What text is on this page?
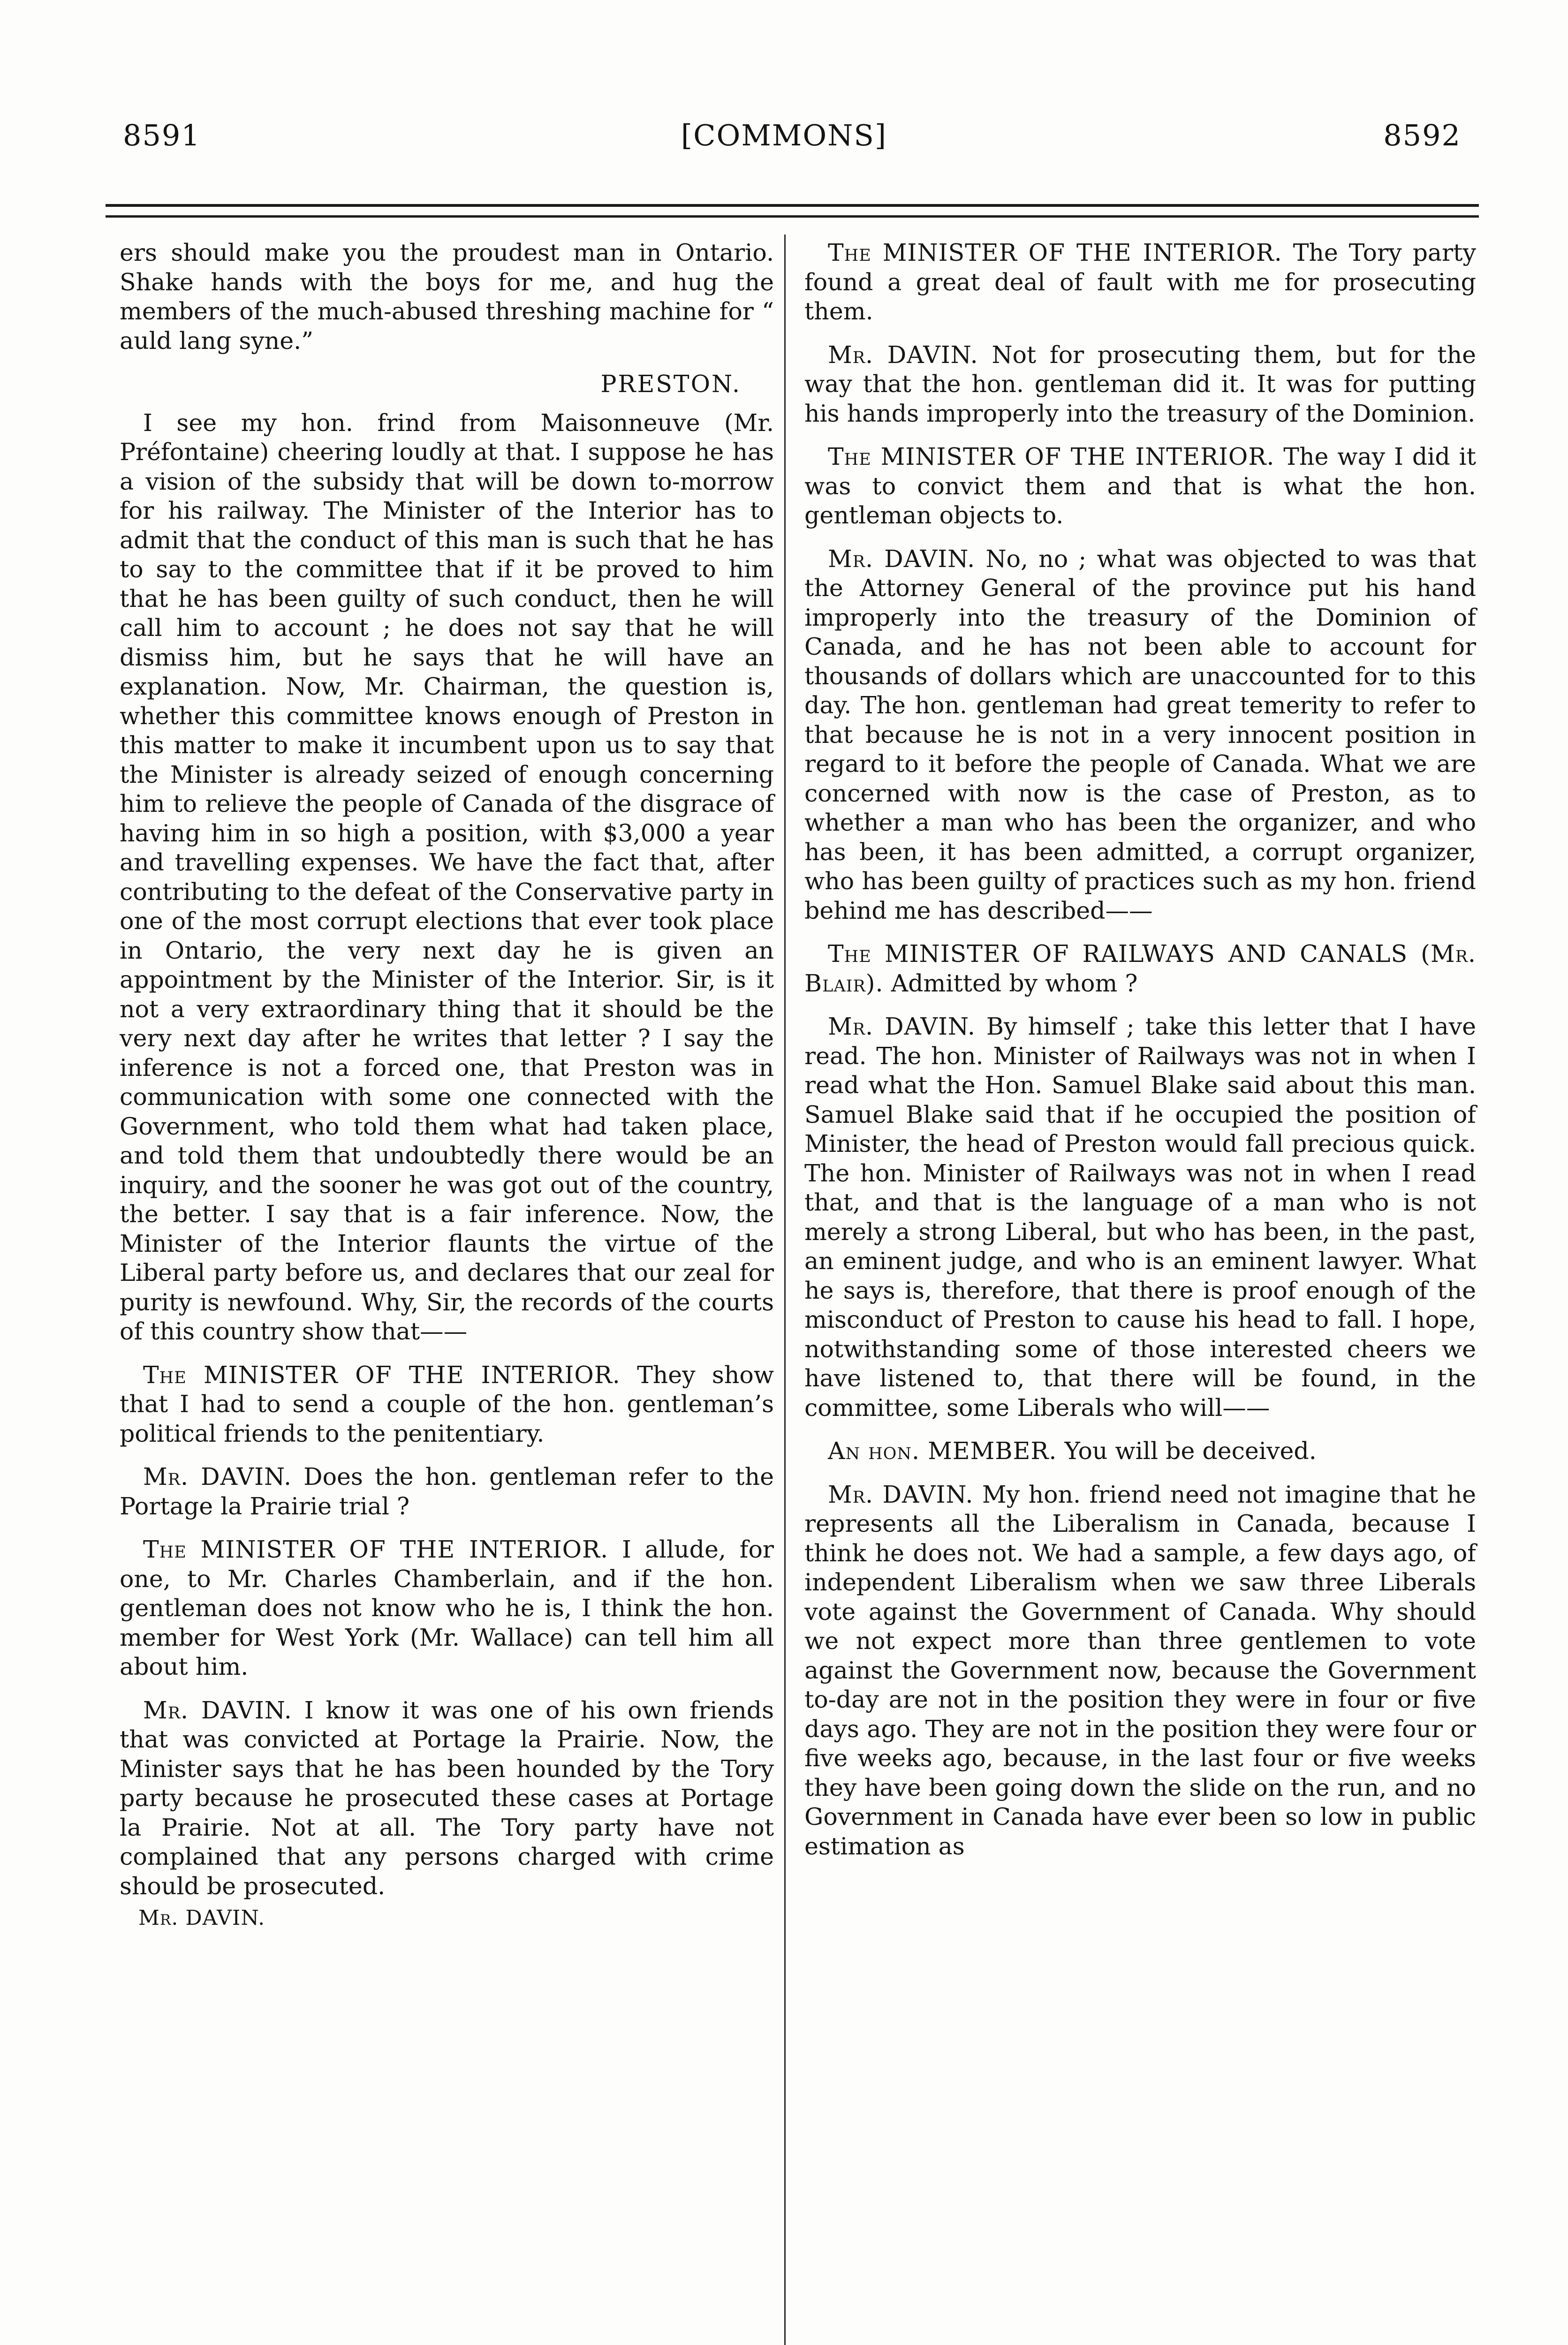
8591	[COMMONS]	8592

ers should make you the proudest man in Ontario. Shake hands with the boys for me, and hug the members of the much-abused threshing machine for “ auld lang syne.”

PRESTON.

I see my hon. frind from Maisonneuve (Mr. Préfontaine) cheering loudly at that. I suppose he has a vision of the subsidy that will be down to-morrow for his railway. The Minister of the Interior has to admit that the conduct of this man is such that he has to say to the committee that if it be proved to him that he has been guilty of such conduct, then he will call him to account ; he does not say that he will dismiss him, but he says that he will have an explanation. Now, Mr. Chairman, the question is, whether this committee knows enough of Preston in this matter to make it incumbent upon us to say that the Minister is already seized of enough concerning him to relieve the people of Canada of the disgrace of having him in so high a position, with $3,000 a year and travelling expenses. We have the fact that, after contributing to the defeat of the Conservative party in one of the most corrupt elections that ever took place in Ontario, the very next day he is given an appointment by the Minister of the Interior. Sir, is it not a very extraordinary thing that it should be the very next day after he writes that letter ? I say the inference is not a forced one, that Preston was in communication with some one connected with the Government, who told them what had taken place, and told them that undoubtedly there would be an inquiry, and the sooner he was got out of the country, the better. I say that is a fair inference. Now, the Minister of the Interior flaunts the virtue of the Liberal party before us, and declares that our zeal for purity is newfound. Why, Sir, the records of the courts of this country show that——

The MINISTER OF THE INTERIOR. They show that I had to send a couple of the hon. gentleman’s political friends to the penitentiary.

Mr. DAVIN. Does the hon. gentleman refer to the Portage la Prairie trial ?

The MINISTER OF THE INTERIOR. I allude, for one, to Mr. Charles Chamberlain, and if the hon. gentleman does not know who he is, I think the hon. member for West York (Mr. Wallace) can tell him all about him.

Mr. DAVIN. I know it was one of his own friends that was convicted at Portage la Prairie. Now, the Minister says that he has been hounded by the Tory party because he prosecuted these cases at Portage la Prairie. Not at all. The Tory party have not complained that any persons charged with crime should be prosecuted.

Mr. DAVIN.

The MINISTER OF THE INTERIOR. The Tory party found a great deal of fault with me for prosecuting them.

Mr. DAVIN. Not for prosecuting them, but for the way that the hon. gentleman did it. It was for putting his hands improperly into the treasury of the Dominion.

The MINISTER OF THE INTERIOR. The way I did it was to convict them and that is what the hon. gentleman objects to.

Mr. DAVIN. No, no ; what was objected to was that the Attorney General of the province put his hand improperly into the treasury of the Dominion of Canada, and he has not been able to account for thousands of dollars which are unaccounted for to this day. The hon. gentleman had great temerity to refer to that because he is not in a very innocent position in regard to it before the people of Canada. What we are concerned with now is the case of Preston, as to whether a man who has been the organizer, and who has been, it has been admitted, a corrupt organizer, who has been guilty of practices such as my hon. friend behind me has described——

The MINISTER OF RAILWAYS AND CANALS (Mr. Blair). Admitted by whom ?

Mr. DAVIN. By himself ; take this letter that I have read. The hon. Minister of Railways was not in when I read what the Hon. Samuel Blake said about this man. Samuel Blake said that if he occupied the position of Minister, the head of Preston would fall precious quick. The hon. Minister of Railways was not in when I read that, and that is the language of a man who is not merely a strong Liberal, but who has been, in the past, an eminent judge, and who is an eminent lawyer. What he says is, therefore, that there is proof enough of the misconduct of Preston to cause his head to fall. I hope, notwithstanding some of those interested cheers we have listened to, that there will be found, in the committee, some Liberals who will——

An hon. MEMBER. You will be deceived.

Mr. DAVIN. My hon. friend need not imagine that he represents all the Liberalism in Canada, because I think he does not. We had a sample, a few days ago, of independent Liberalism when we saw three Liberals vote against the Government of Canada. Why should we not expect more than three gentlemen to vote against the Government now, because the Government to-day are not in the position they were in four or five days ago. They are not in the position they were four or five weeks ago, because, in the last four or five weeks they have been going down the slide on the run, and no Government in Canada have ever been so low in public estimation as
